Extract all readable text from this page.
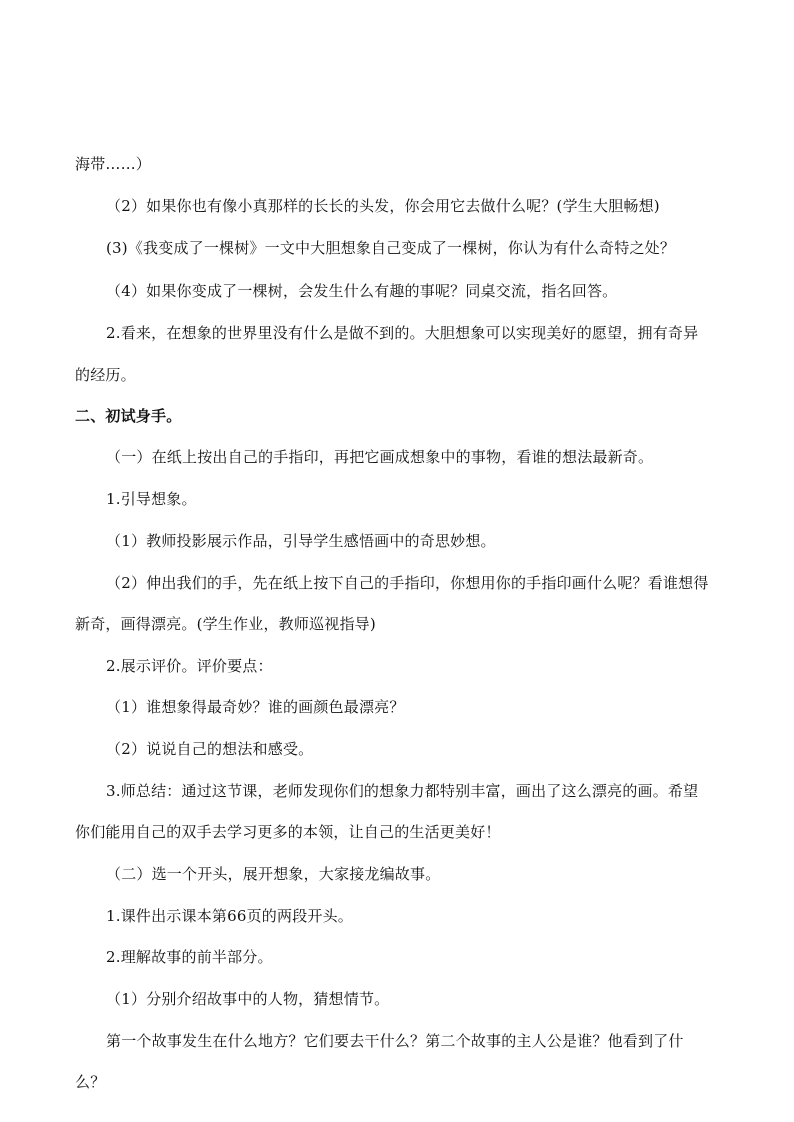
海带……）
（2）如果你也有像小真那样的长长的头发，你会用它去做什么呢？(学生大胆畅想)
(3)《我变成了一棵树》一文中大胆想象自己变成了一棵树，你认为有什么奇特之处？
（4）如果你变成了一棵树，会发生什么有趣的事呢？同桌交流，指名回答。
2.看来，在想象的世界里没有什么是做不到的。大胆想象可以实现美好的愿望，拥有奇异
的经历。
二、初试身手。
（一）在纸上按出自己的手指印，再把它画成想象中的事物，看谁的想法最新奇。
1.引导想象。
（1）教师投影展示作品，引导学生感悟画中的奇思妙想。
（2）伸出我们的手，先在纸上按下自己的手指印，你想用你的手指印画什么呢？看谁想得
新奇，画得漂亮。(学生作业，教师巡视指导)
2.展示评价。评价要点：
（1）谁想象得最奇妙？谁的画颜色最漂亮？
（2）说说自己的想法和感受。
3.师总结：通过这节课，老师发现你们的想象力都特别丰富，画出了这么漂亮的画。希望
你们能用自己的双手去学习更多的本领，让自己的生活更美好！
（二）选一个开头，展开想象，大家接龙编故事。
1.课件出示课本第66页的两段开头。
2.理解故事的前半部分。
（1）分别介绍故事中的人物，猜想情节。
第一个故事发生在什么地方？它们要去干什么？第二个故事的主人公是谁？他看到了什
么？
